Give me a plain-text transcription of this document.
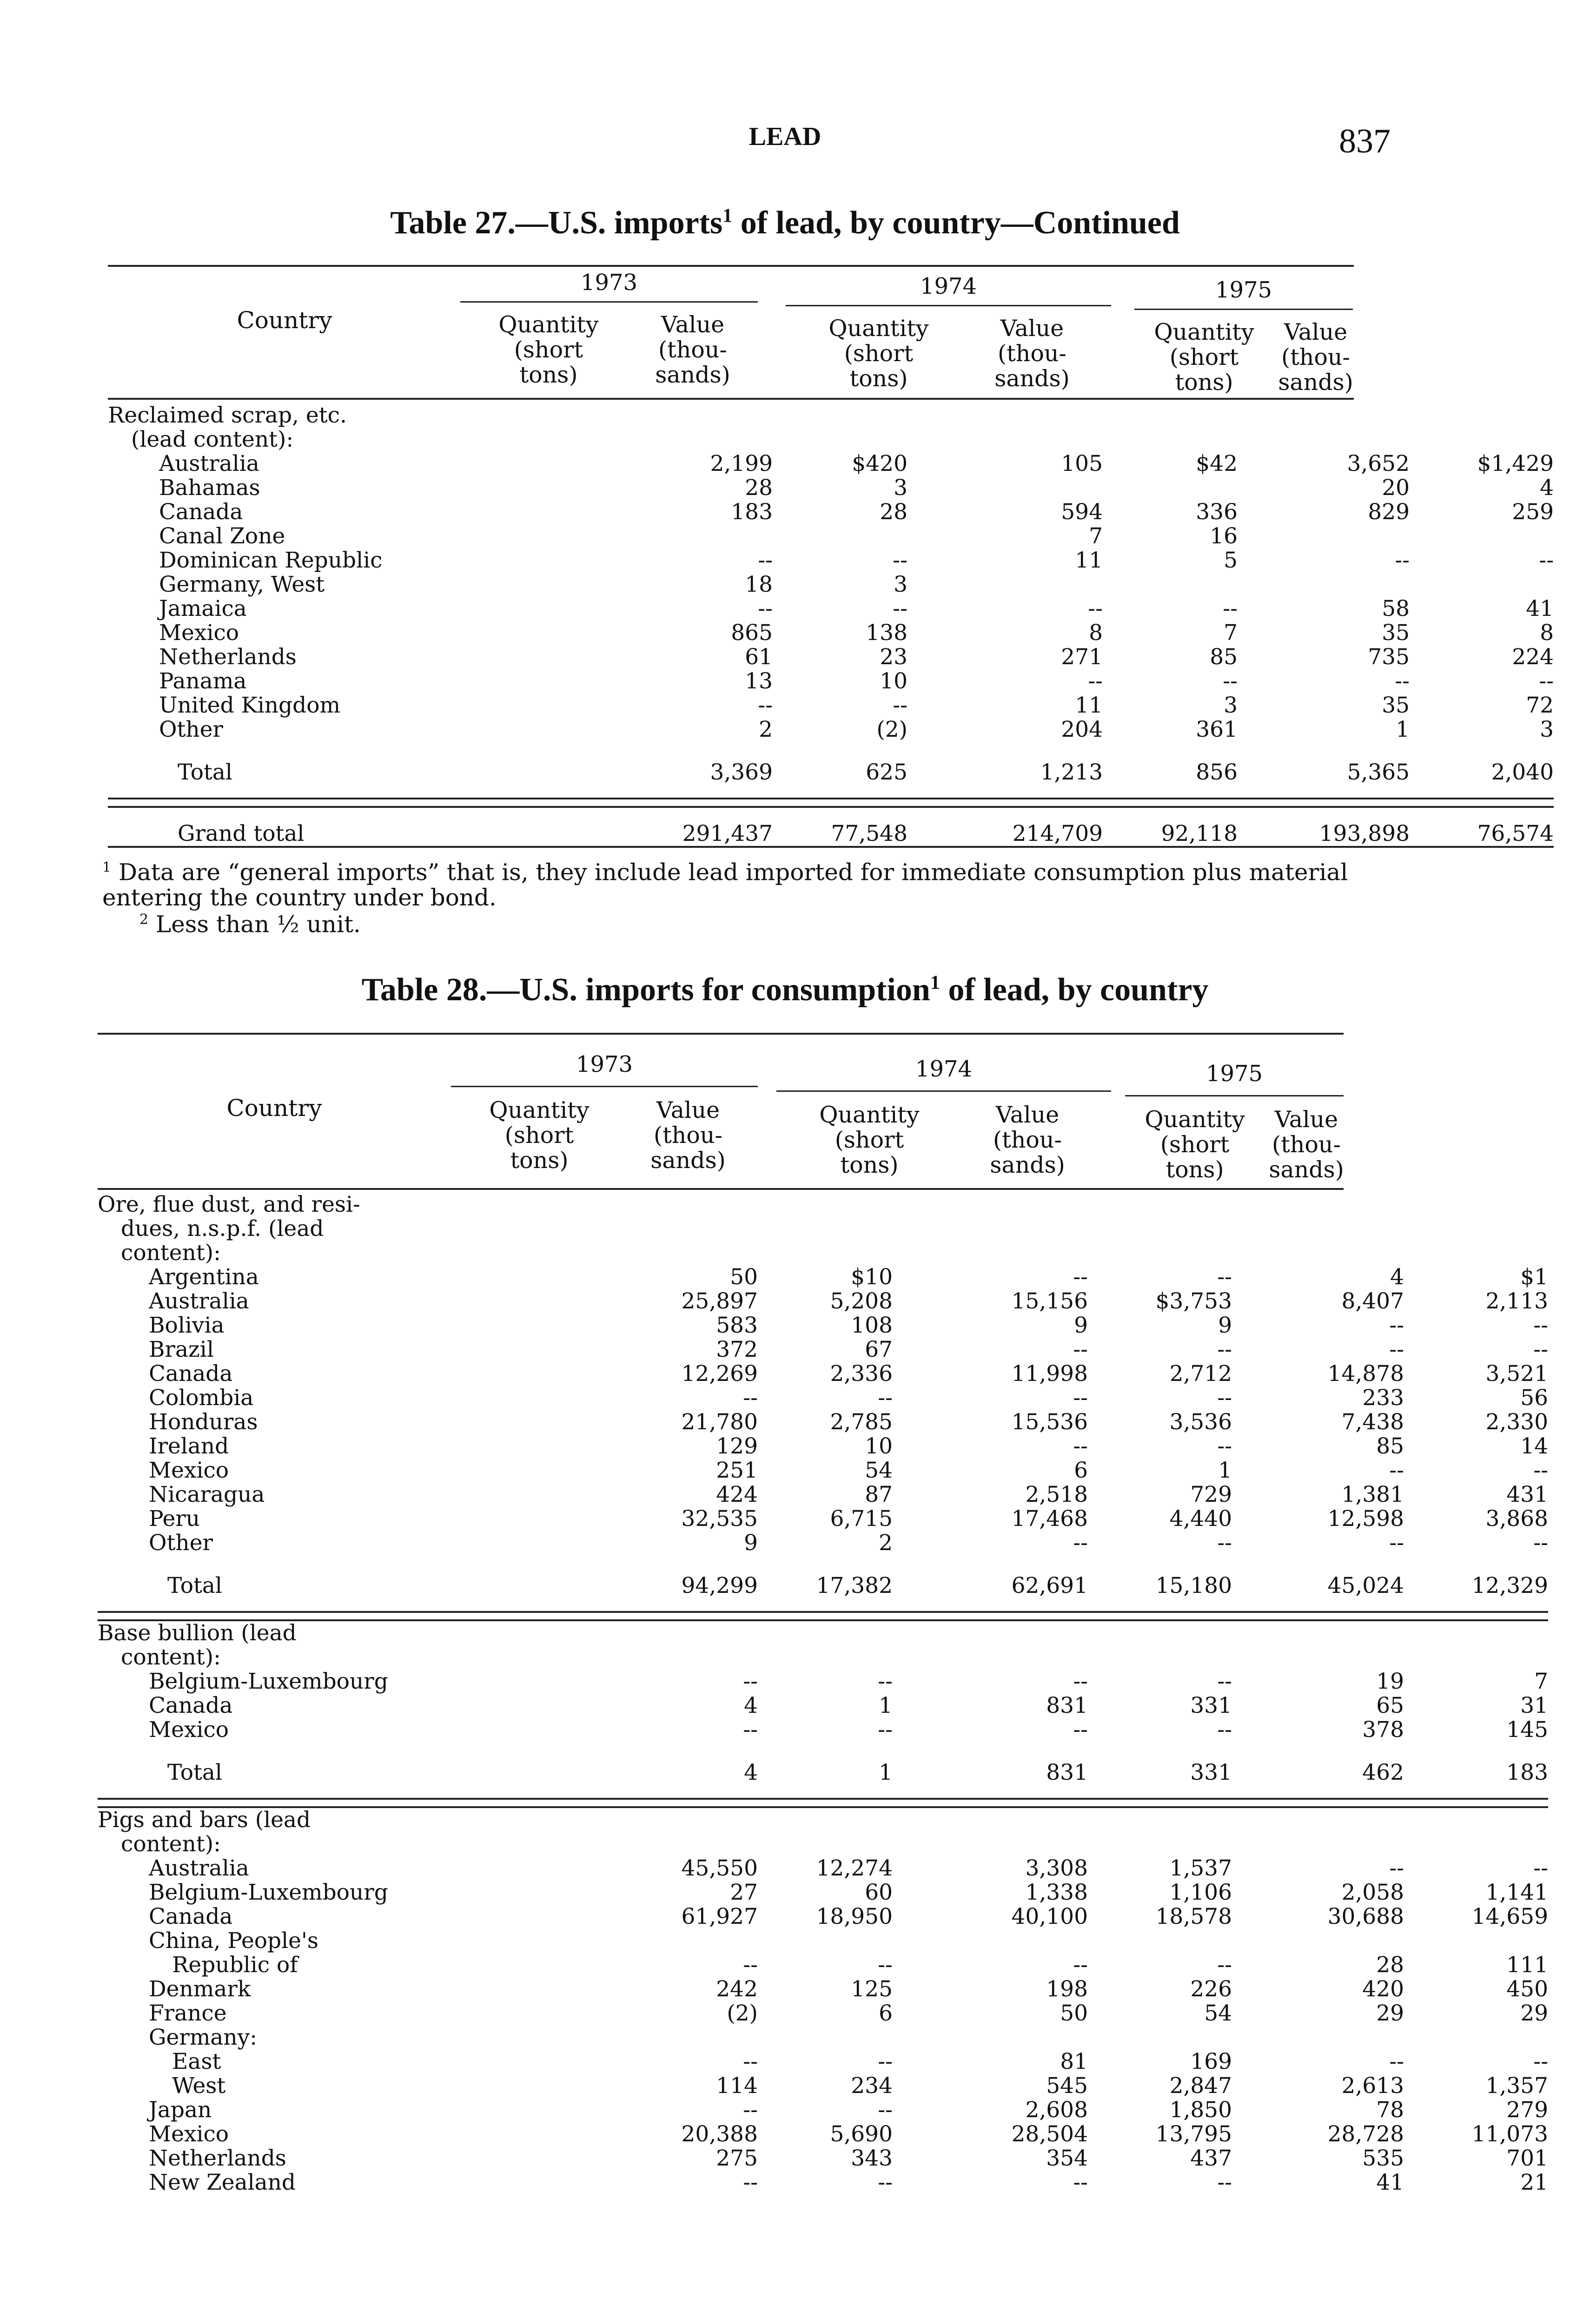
LEAD	837
Table 27.—U.S. imports$^1$ of lead, by country—Continued
Country
1973	1974	1975
Quantity
(short
tons)
Value
(thou-
sands)
Quantity
(short
tons)
Value
(thou-
sands)
Quantity
(short
tons)
Value
(thou-
sands)
Reclaimed scrap, etc.						
(lead content):						
Australia	2,199	$420	105	$42	3,652	$1,429
Bahamas	28	3			20	4
Canada	183	28	594	336	829	259
Canal Zone			7	16		
Dominican Republic	--	--	11	5	--	--
Germany, West	18	3				
Jamaica	--	--	--	--	58	41
Mexico	865	138	8	7	35	8
Netherlands	61	23	271	85	735	224
Panama	13	10	--	--	--	--
United Kingdom	--	--	11	3	35	72
Other	2	(2)	204	361	1	3
Total	3,369	625	1,213	856	5,365	2,040

Grand total	291,437	77,548	214,709	92,118	193,898	76,574

$^1$ Data are “general imports” that is, they include lead imported for immediate consumption plus material entering the country under bond.
$^2$ Less than ½ unit.
Table 28.—U.S. imports for consumption$^1$ of lead, by country
Country
1973	1974	1975
Quantity
(short
tons)
Value
(thou-
sands)
Quantity
(short
tons)
Value
(thou-
sands)
Quantity
(short
tons)
Value
(thou-
sands)
Ore, flue dust, and resi-						
dues, n.s.p.f. (lead						
content):						
Argentina	50	$10	--	--	4	$1
Australia	25,897	5,208	15,156	$3,753	8,407	2,113
Bolivia	583	108	9	9	--	--
Brazil	372	67	--	--	--	--
Canada	12,269	2,336	11,998	2,712	14,878	3,521
Colombia	--	--	--	--	233	56
Honduras	21,780	2,785	15,536	3,536	7,438	2,330
Ireland	129	10	--	--	85	14
Mexico	251	54	6	1	--	--
Nicaragua	424	87	2,518	729	1,381	431
Peru	32,535	6,715	17,468	4,440	12,598	3,868
Other	9	2	--	--	--	--
Total	94,299	17,382	62,691	15,180	45,024	12,329

Base bullion (lead						
content):						
Belgium-Luxembourg	--	--	--	--	19	7
Canada	4	1	831	331	65	31
Mexico	--	--	--	--	378	145
Total	4	1	831	331	462	183

Pigs and bars (lead						
content):						
Australia	45,550	12,274	3,308	1,537	--	--
Belgium-Luxembourg	27	60	1,338	1,106	2,058	1,141
Canada	61,927	18,950	40,100	18,578	30,688	14,659
China, People's						
Republic of	--	--	--	--	28	111
Denmark	242	125	198	226	420	450
France	(2)	6	50	54	29	29
Germany:						
East	--	--	81	169	--	--
West	114	234	545	2,847	2,613	1,357
Japan	--	--	2,608	1,850	78	279
Mexico	20,388	5,690	28,504	13,795	28,728	11,073
Netherlands	275	343	354	437	535	701
New Zealand	--	--	--	--	41	21
